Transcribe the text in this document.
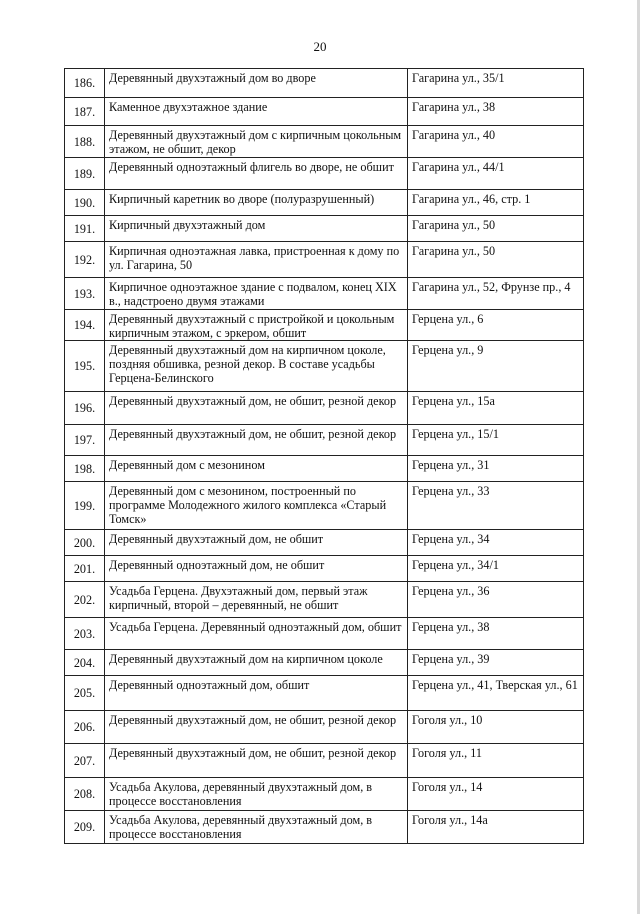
20
186.	Деревянный двухэтажный дом во дворе	Гагарина ул., 35/1
187.	Каменное двухэтажное здание	Гагарина ул., 38
188.	Деревянный двухэтажный дом с кирпичным цокольным этажом, не обшит, декор	Гагарина ул., 40
189.	Деревянный одноэтажный флигель во дворе, не обшит	Гагарина ул., 44/1
190.	Кирпичный каретник во дворе (полуразрушенный)	Гагарина ул., 46, стр. 1
191.	Кирпичный двухэтажный дом	Гагарина ул., 50
192.	Кирпичная одноэтажная лавка, пристроенная к дому по ул. Гагарина, 50	Гагарина ул., 50
193.	Кирпичное одноэтажное здание с подвалом, конец XIX в., надстроено двумя этажами	Гагарина ул., 52, Фрунзе пр., 4
194.	Деревянный двухэтажный с пристройкой и цокольным кирпичным этажом, с эркером, обшит	Герцена ул., 6
195.	Деревянный двухэтажный дом на кирпичном цоколе, поздняя обшивка, резной декор. В составе усадьбы Герцена-Белинского	Герцена ул., 9
196.	Деревянный двухэтажный дом, не обшит, резной декор	Герцена ул., 15а
197.	Деревянный двухэтажный дом, не обшит, резной декор	Герцена ул., 15/1
198.	Деревянный дом с мезонином	Герцена ул., 31
199.	Деревянный дом с мезонином, построенный по программе Молодежного жилого комплекса «Старый Томск»	Герцена ул., 33
200.	Деревянный двухэтажный дом, не обшит	Герцена ул., 34
201.	Деревянный одноэтажный дом, не обшит	Герцена ул., 34/1
202.	Усадьба Герцена. Двухэтажный дом, первый этаж кирпичный, второй – деревянный, не обшит	Герцена ул., 36
203.	Усадьба Герцена. Деревянный одноэтажный дом, обшит	Герцена ул., 38
204.	Деревянный двухэтажный дом на кирпичном цоколе	Герцена ул., 39
205.	Деревянный одноэтажный дом, обшит	Герцена ул., 41, Тверская ул., 61
206.	Деревянный двухэтажный дом, не обшит, резной декор	Гоголя ул., 10
207.	Деревянный двухэтажный дом, не обшит, резной декор	Гоголя ул., 11
208.	Усадьба Акулова, деревянный двухэтажный дом, в процессе восстановления	Гоголя ул., 14
209.	Усадьба Акулова, деревянный двухэтажный дом, в процессе восстановления	Гоголя ул., 14а
